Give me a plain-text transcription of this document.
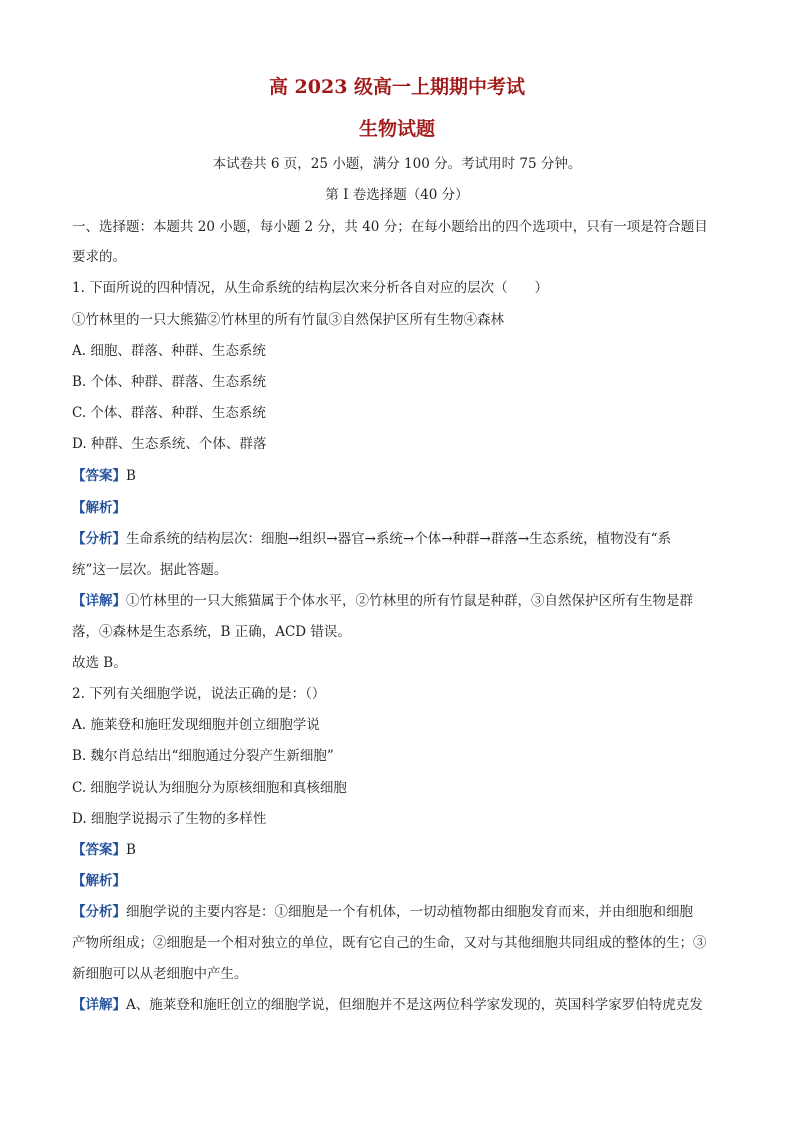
高 2023 级高一上期期中考试
生物试题
本试卷共 6 页，25 小题，满分 100 分。考试用时 75 分钟。
第 I 卷选择题（40 分）
一、选择题：本题共 20 小题，每小题 2 分，共 40 分；在每小题给出的四个选项中，只有一项是符合题目
要求的。
1. 下面所说的四种情况，从生命系统的结构层次来分析各自对应的层次（　　）
①竹林里的一只大熊猫②竹林里的所有竹鼠③自然保护区所有生物④森林
A. 细胞、群落、种群、生态系统
B. 个体、种群、群落、生态系统
C. 个体、群落、种群、生态系统
D. 种群、生态系统、个体、群落
【答案】B
【解析】
【分析】生命系统的结构层次：细胞→组织→器官→系统→个体→种群→群落→生态系统，植物没有“系
统”这一层次。据此答题。
【详解】①竹林里的一只大熊猫属于个体水平，②竹林里的所有竹鼠是种群，③自然保护区所有生物是群
落，④森林是生态系统，B 正确，ACD 错误。
故选 B。
2. 下列有关细胞学说，说法正确的是：（）
A. 施莱登和施旺发现细胞并创立细胞学说
B. 魏尔肖总结出“细胞通过分裂产生新细胞”
C. 细胞学说认为细胞分为原核细胞和真核细胞
D. 细胞学说揭示了生物的多样性
【答案】B
【解析】
【分析】细胞学说的主要内容是：①细胞是一个有机体，一切动植物都由细胞发育而来，并由细胞和细胞
产物所组成；②细胞是一个相对独立的单位，既有它自己的生命，又对与其他细胞共同组成的整体的生；③
新细胞可以从老细胞中产生。
【详解】A、施莱登和施旺创立的细胞学说，但细胞并不是这两位科学家发现的，英国科学家罗伯特虎克发
